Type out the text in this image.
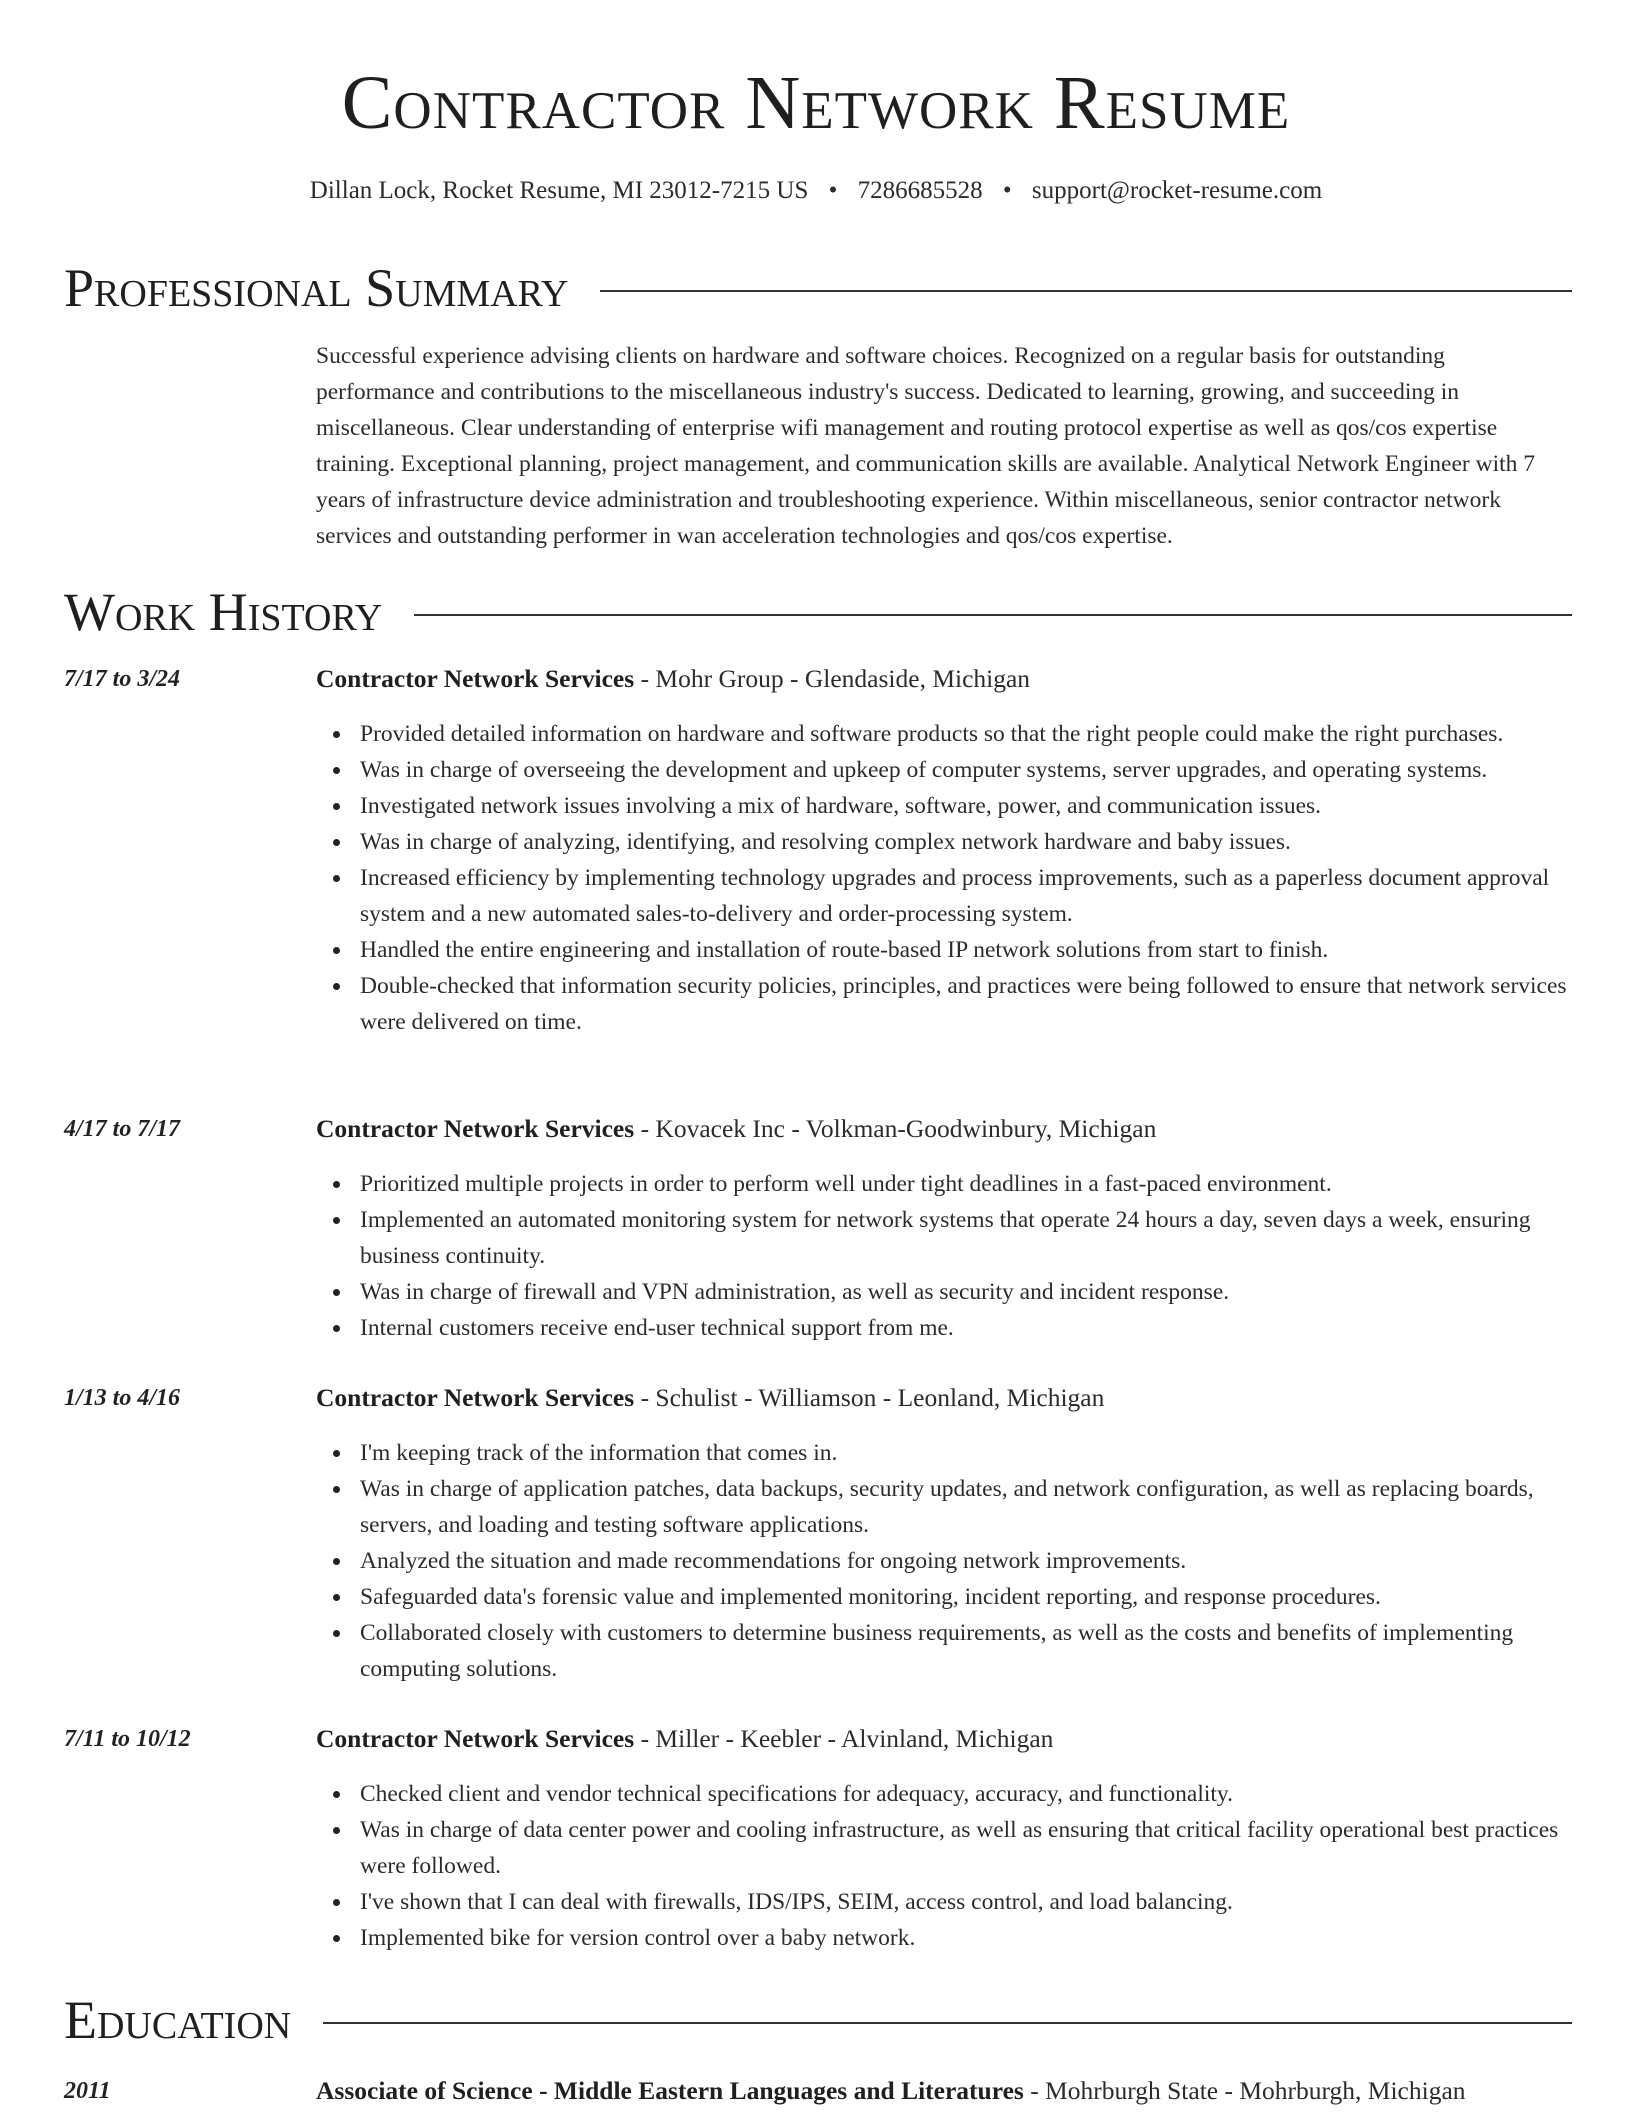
Contractor Network Resume
Dillan Lock, Rocket Resume, MI 23012-7215 US • 7286685528 • support@rocket-resume.com
Professional Summary
Successful experience advising clients on hardware and software choices. Recognized on a regular basis for outstanding performance and contributions to the miscellaneous industry's success. Dedicated to learning, growing, and succeeding in miscellaneous. Clear understanding of enterprise wifi management and routing protocol expertise as well as qos/cos expertise training. Exceptional planning, project management, and communication skills are available. Analytical Network Engineer with 7 years of infrastructure device administration and troubleshooting experience. Within miscellaneous, senior contractor network services and outstanding performer in wan acceleration technologies and qos/cos expertise.
Work History
7/17 to 3/24	Contractor Network Services - Mohr Group - Glendaside, Michigan
Provided detailed information on hardware and software products so that the right people could make the right purchases.
Was in charge of overseeing the development and upkeep of computer systems, server upgrades, and operating systems.
Investigated network issues involving a mix of hardware, software, power, and communication issues.
Was in charge of analyzing, identifying, and resolving complex network hardware and baby issues.
Increased efficiency by implementing technology upgrades and process improvements, such as a paperless document approval system and a new automated sales-to-delivery and order-processing system.
Handled the entire engineering and installation of route-based IP network solutions from start to finish.
Double-checked that information security policies, principles, and practices were being followed to ensure that network services were delivered on time.
4/17 to 7/17	Contractor Network Services - Kovacek Inc - Volkman-Goodwinbury, Michigan
Prioritized multiple projects in order to perform well under tight deadlines in a fast-paced environment.
Implemented an automated monitoring system for network systems that operate 24 hours a day, seven days a week, ensuring business continuity.
Was in charge of firewall and VPN administration, as well as security and incident response.
Internal customers receive end-user technical support from me.
1/13 to 4/16	Contractor Network Services - Schulist - Williamson - Leonland, Michigan
I'm keeping track of the information that comes in.
Was in charge of application patches, data backups, security updates, and network configuration, as well as replacing boards, servers, and loading and testing software applications.
Analyzed the situation and made recommendations for ongoing network improvements.
Safeguarded data's forensic value and implemented monitoring, incident reporting, and response procedures.
Collaborated closely with customers to determine business requirements, as well as the costs and benefits of implementing computing solutions.
7/11 to 10/12	Contractor Network Services - Miller - Keebler - Alvinland, Michigan
Checked client and vendor technical specifications for adequacy, accuracy, and functionality.
Was in charge of data center power and cooling infrastructure, as well as ensuring that critical facility operational best practices were followed.
I've shown that I can deal with firewalls, IDS/IPS, SEIM, access control, and load balancing.
Implemented bike for version control over a baby network.
Education
2011	Associate of Science - Middle Eastern Languages and Literatures - Mohrburgh State - Mohrburgh, Michigan
